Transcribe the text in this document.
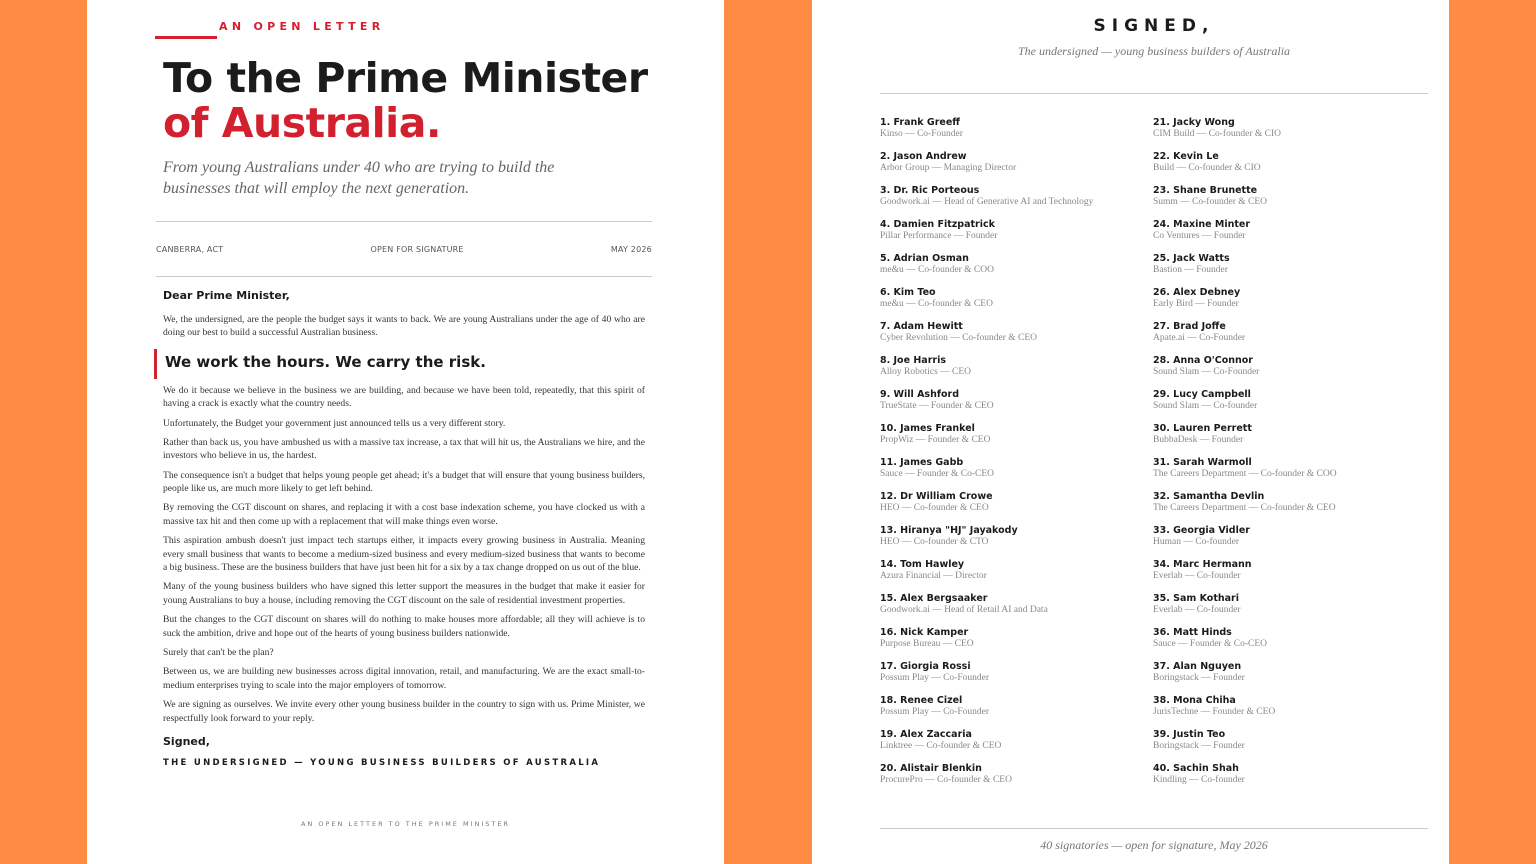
AN OPEN LETTER
To the Prime Minister
of Australia.

From young Australians under 40 who are trying to build the businesses that will employ the next generation.

CANBERRA, ACT	OPEN FOR SIGNATURE	MAY 2026

Dear Prime Minister,

We, the undersigned, are the people the budget says it wants to back. We are young Australians under the age of 40 who are doing our best to build a successful Australian business.

We work the hours. We carry the risk.

We do it because we believe in the business we are building, and because we have been told, repeatedly, that this spirit of having a crack is exactly what the country needs.

Unfortunately, the Budget your government just announced tells us a very different story.

Rather than back us, you have ambushed us with a massive tax increase, a tax that will hit us, the Australians we hire, and the investors who believe in us, the hardest.

The consequence isn't a budget that helps young people get ahead; it's a budget that will ensure that young business builders, people like us, are much more likely to get left behind.

By removing the CGT discount on shares, and replacing it with a cost base indexation scheme, you have clocked us with a massive tax hit and then come up with a replacement that will make things even worse.

This aspiration ambush doesn't just impact tech startups either, it impacts every growing business in Australia. Meaning every small business that wants to become a medium-sized business and every medium-sized business that wants to become a big business. These are the business builders that have just been hit for a six by a tax change dropped on us out of the blue.

Many of the young business builders who have signed this letter support the measures in the budget that make it easier for young Australians to buy a house, including removing the CGT discount on the sale of residential investment properties.

But the changes to the CGT discount on shares will do nothing to make houses more affordable; all they will achieve is to suck the ambition, drive and hope out of the hearts of young business builders nationwide.

Surely that can't be the plan?

Between us, we are building new businesses across digital innovation, retail, and manufacturing. We are the exact small-to-medium enterprises trying to scale into the major employers of tomorrow.

We are signing as ourselves. We invite every other young business builder in the country to sign with us. Prime Minister, we respectfully look forward to your reply.

Signed,

THE UNDERSIGNED — YOUNG BUSINESS BUILDERS OF AUSTRALIA
AN OPEN LETTER TO THE PRIME MINISTER
SIGNED,
The undersigned — young business builders of Australia
1. Frank Greeff
Kinso — Co-Founder
2. Jason Andrew
Arbor Group — Managing Director
3. Dr. Ric Porteous
Goodwork.ai — Head of Generative AI and Technology
4. Damien Fitzpatrick
Pillar Performance — Founder
5. Adrian Osman
me&u — Co-founder & COO
6. Kim Teo
me&u — Co-founder & CEO
7. Adam Hewitt
Cyber Revolution — Co-founder & CEO
8. Joe Harris
Alloy Robotics — CEO
9. Will Ashford
TrueState — Founder & CEO
10. James Frankel
PropWiz — Founder & CEO
11. James Gabb
Sauce — Founder & Co-CEO
12. Dr William Crowe
HEO — Co-founder & CEO
13. Hiranya "HJ" Jayakody
HEO — Co-founder & CTO
14. Tom Hawley
Azura Financial — Director
15. Alex Bergsaaker
Goodwork.ai — Head of Retail AI and Data
16. Nick Kamper
Purpose Bureau — CEO
17. Giorgia Rossi
Possum Play — Co-Founder
18. Renee Cizel
Possum Play — Co-Founder
19. Alex Zaccaria
Linktree — Co-founder & CEO
20. Alistair Blenkin
ProcurePro — Co-founder & CEO
21. Jacky Wong
CIM Build — Co-founder & CIO
22. Kevin Le
Build — Co-founder & CIO
23. Shane Brunette
Summ — Co-founder & CEO
24. Maxine Minter
Co Ventures — Founder
25. Jack Watts
Bastion — Founder
26. Alex Debney
Early Bird — Founder
27. Brad Joffe
Apate.ai — Co-Founder
28. Anna O'Connor
Sound Slam — Co-Founder
29. Lucy Campbell
Sound Slam — Co-founder
30. Lauren Perrett
BubbaDesk — Founder
31. Sarah Warmoll
The Careers Department — Co-founder & COO
32. Samantha Devlin
The Careers Department — Co-founder & CEO
33. Georgia Vidler
Human — Co-founder
34. Marc Hermann
Everlab — Co-founder
35. Sam Kothari
Everlab — Co-founder
36. Matt Hinds
Sauce — Founder & Co-CEO
37. Alan Nguyen
Boringstack — Founder
38. Mona Chiha
JurisTechne — Founder & CEO
39. Justin Teo
Boringstack — Founder
40. Sachin Shah
Kindling — Co-founder
40 signatories — open for signature, May 2026
